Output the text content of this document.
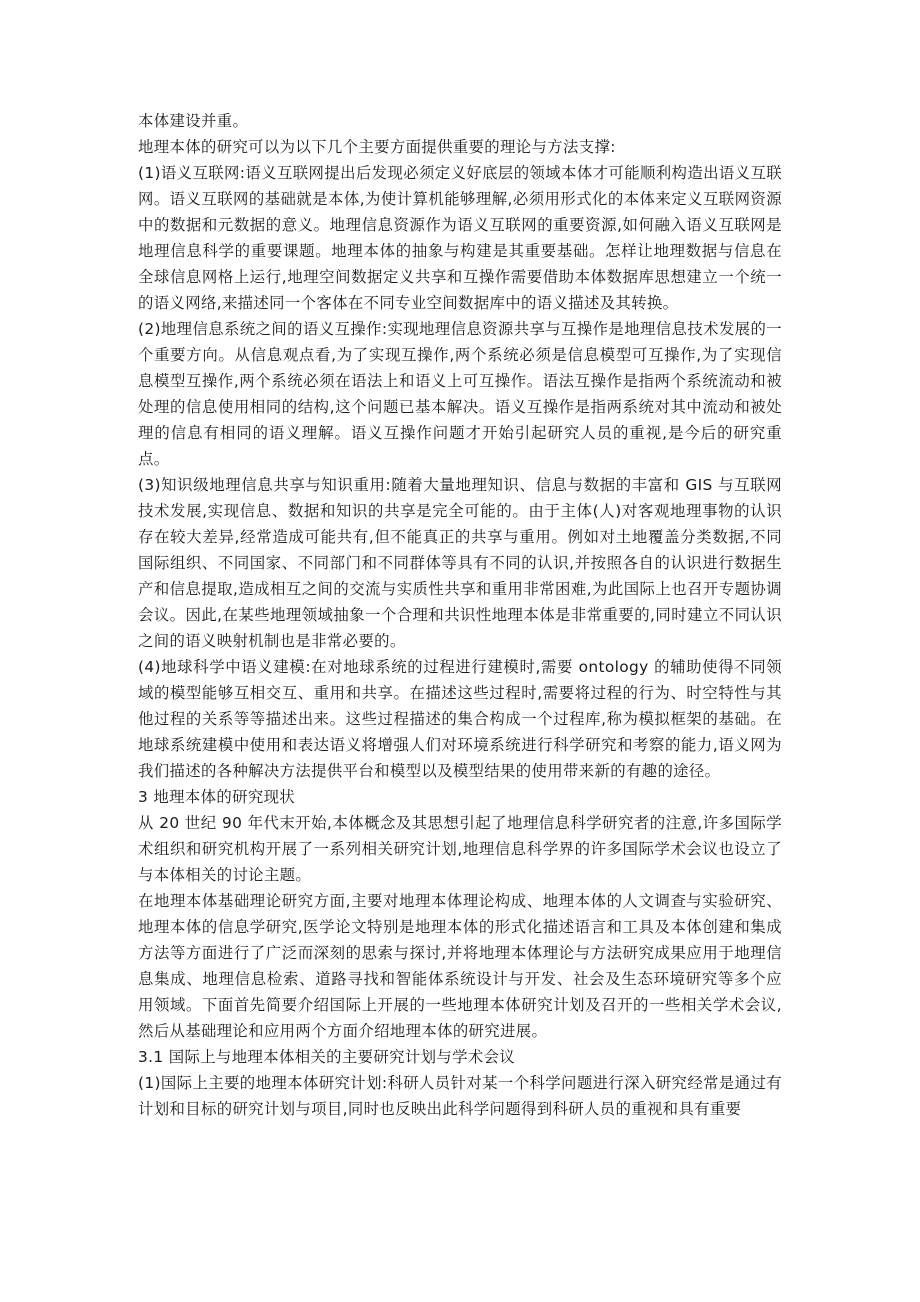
本体建设并重。

地理本体的研究可以为以下几个主要方面提供重要的理论与方法支撑:

(1)语义互联网:语义互联网提出后发现必须定义好底层的领域本体才可能顺利构造出语义互联网。语义互联网的基础就是本体,为使计算机能够理解,必须用形式化的本体来定义互联网资源中的数据和元数据的意义。地理信息资源作为语义互联网的重要资源,如何融入语义互联网是地理信息科学的重要课题。地理本体的抽象与构建是其重要基础。怎样让地理数据与信息在全球信息网格上运行,地理空间数据定义共享和互操作需要借助本体数据库思想建立一个统一的语义网络,来描述同一个客体在不同专业空间数据库中的语义描述及其转换。

(2)地理信息系统之间的语义互操作:实现地理信息资源共享与互操作是地理信息技术发展的一个重要方向。从信息观点看,为了实现互操作,两个系统必须是信息模型可互操作,为了实现信息模型互操作,两个系统必须在语法上和语义上可互操作。语法互操作是指两个系统流动和被处理的信息使用相同的结构,这个问题已基本解决。语义互操作是指两系统对其中流动和被处理的信息有相同的语义理解。语义互操作问题才开始引起研究人员的重视,是今后的研究重点。

(3)知识级地理信息共享与知识重用:随着大量地理知识、信息与数据的丰富和 GIS 与互联网技术发展,实现信息、数据和知识的共享是完全可能的。由于主体(人)对客观地理事物的认识存在较大差异,经常造成可能共有,但不能真正的共享与重用。例如对土地覆盖分类数据,不同国际组织、不同国家、不同部门和不同群体等具有不同的认识,并按照各自的认识进行数据生产和信息提取,造成相互之间的交流与实质性共享和重用非常困难,为此国际上也召开专题协调会议。因此,在某些地理领域抽象一个合理和共识性地理本体是非常重要的,同时建立不同认识之间的语义映射机制也是非常必要的。

(4)地球科学中语义建模:在对地球系统的过程进行建模时,需要 ontology 的辅助使得不同领域的模型能够互相交互、重用和共享。在描述这些过程时,需要将过程的行为、时空特性与其他过程的关系等等描述出来。这些过程描述的集合构成一个过程库,称为模拟框架的基础。在地球系统建模中使用和表达语义将增强人们对环境系统进行科学研究和考察的能力,语义网为我们描述的各种解决方法提供平台和模型以及模型结果的使用带来新的有趣的途径。

3 地理本体的研究现状

从 20 世纪 90 年代末开始,本体概念及其思想引起了地理信息科学研究者的注意,许多国际学术组织和研究机构开展了一系列相关研究计划,地理信息科学界的许多国际学术会议也设立了与本体相关的讨论主题。

在地理本体基础理论研究方面,主要对地理本体理论构成、地理本体的人文调查与实验研究、地理本体的信息学研究,医学论文特别是地理本体的形式化描述语言和工具及本体创建和集成方法等方面进行了广泛而深刻的思索与探讨,并将地理本体理论与方法研究成果应用于地理信息集成、地理信息检索、道路寻找和智能体系统设计与开发、社会及生态环境研究等多个应用领域。下面首先简要介绍国际上开展的一些地理本体研究计划及召开的一些相关学术会议,然后从基础理论和应用两个方面介绍地理本体的研究进展。

3.1 国际上与地理本体相关的主要研究计划与学术会议

(1)国际上主要的地理本体研究计划:科研人员针对某一个科学问题进行深入研究经常是通过有计划和目标的研究计划与项目,同时也反映出此科学问题得到科研人员的重视和具有重要
